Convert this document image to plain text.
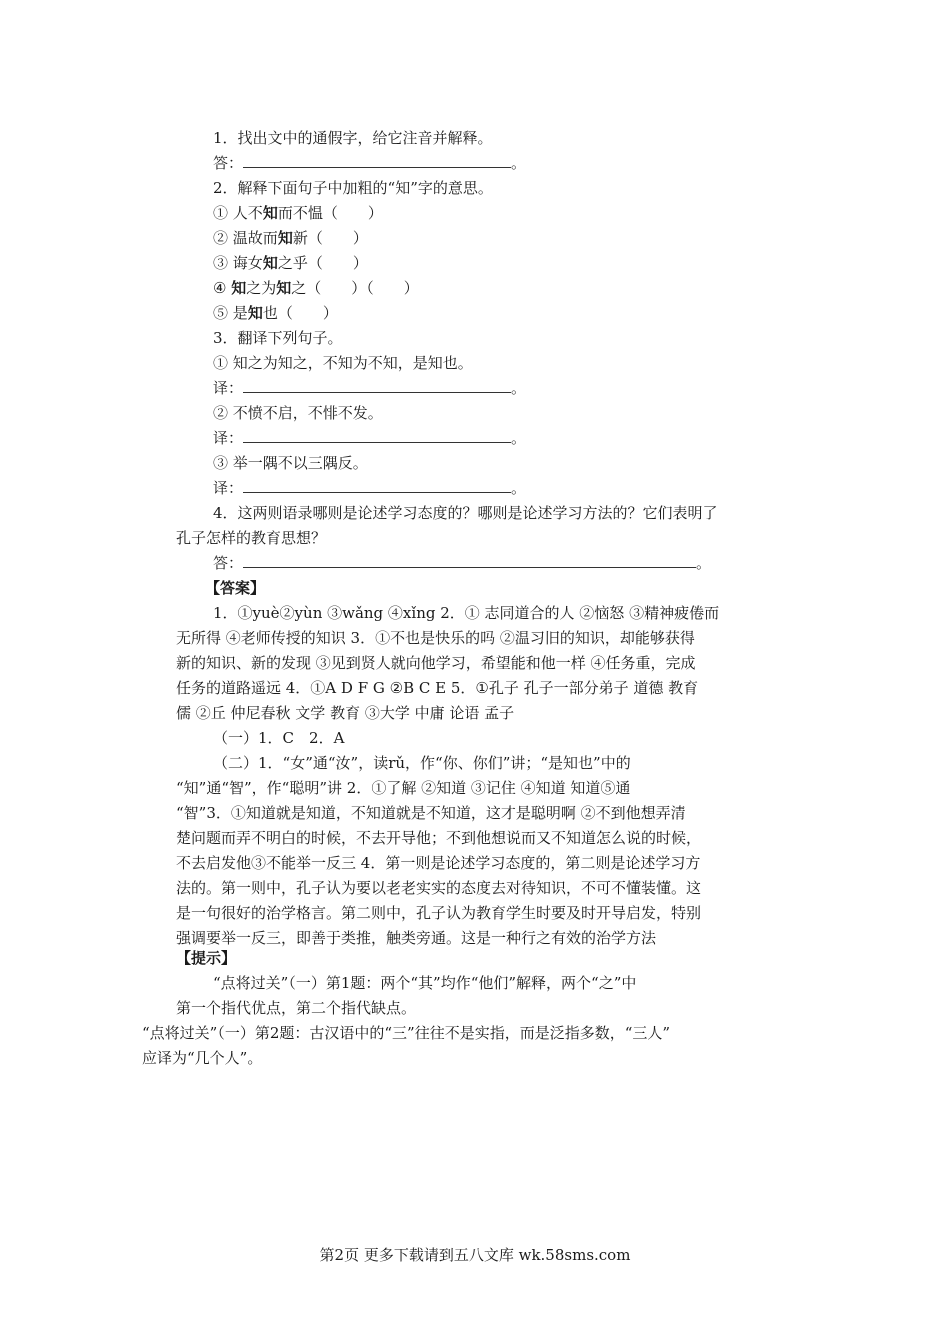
1．找出文中的通假字，给它注音并解释。
答：	。
2．解释下面句子中加粗的“知”字的意思。
① 人不知而不愠（　　）
② 温故而知新（　　）
③ 诲女知之乎（　　）
④ 知之为知之（　　）（　　）
⑤ 是知也（　　）
3．翻译下列句子。
① 知之为知之，不知为不知，是知也。
译：	。
② 不愤不启，不悱不发。
译：	。
③ 举一隅不以三隅反。
译：	。
4．这两则语录哪则是论述学习态度的？哪则是论述学习方法的？它们表明了
孔子怎样的教育思想？
答：	。
【答案】
1．①yuè②yùn ③wǎng ④xǐng 2．① 志同道合的人 ②恼怒 ③精神疲倦而
无所得 ④老师传授的知识 3．①不也是快乐的吗 ②温习旧的知识，却能够获得
新的知识、新的发现 ③见到贤人就向他学习，希望能和他一样 ④任务重，完成
任务的道路遥远 4．①A D F G ②B C E 5．①孔子 孔子一部分弟子 道德 教育
儒 ②丘 仲尼春秋 文学 教育 ③大学 中庸 论语 孟子
（一）1．C　2．A
（二）1．“女”通“汝”，读rǔ，作“你、你们”讲；“是知也”中的
“知”通“智”，作“聪明”讲 2．①了解 ②知道 ③记住 ④知道 知道⑤通
“智”3．①知道就是知道，不知道就是不知道，这才是聪明啊 ②不到他想弄清
楚问题而弄不明白的时候，不去开导他；不到他想说而又不知道怎么说的时候，
不去启发他③不能举一反三 4．第一则是论述学习态度的，第二则是论述学习方
法的。第一则中，孔子认为要以老老实实的态度去对待知识，不可不懂装懂。这
是一句很好的治学格言。第二则中，孔子认为教育学生时要及时开导启发，特别
强调要举一反三，即善于类推，触类旁通。这是一种行之有效的治学方法
【提示】
“点将过关”（一）第1题：两个“其”均作“他们”解释，两个“之”中
第一个指代优点，第二个指代缺点。
“点将过关”（一）第2题：古汉语中的“三”往往不是实指，而是泛指多数，“三人”
应译为“几个人”。
第2页 更多下载请到五八文库 wk.58sms.com
